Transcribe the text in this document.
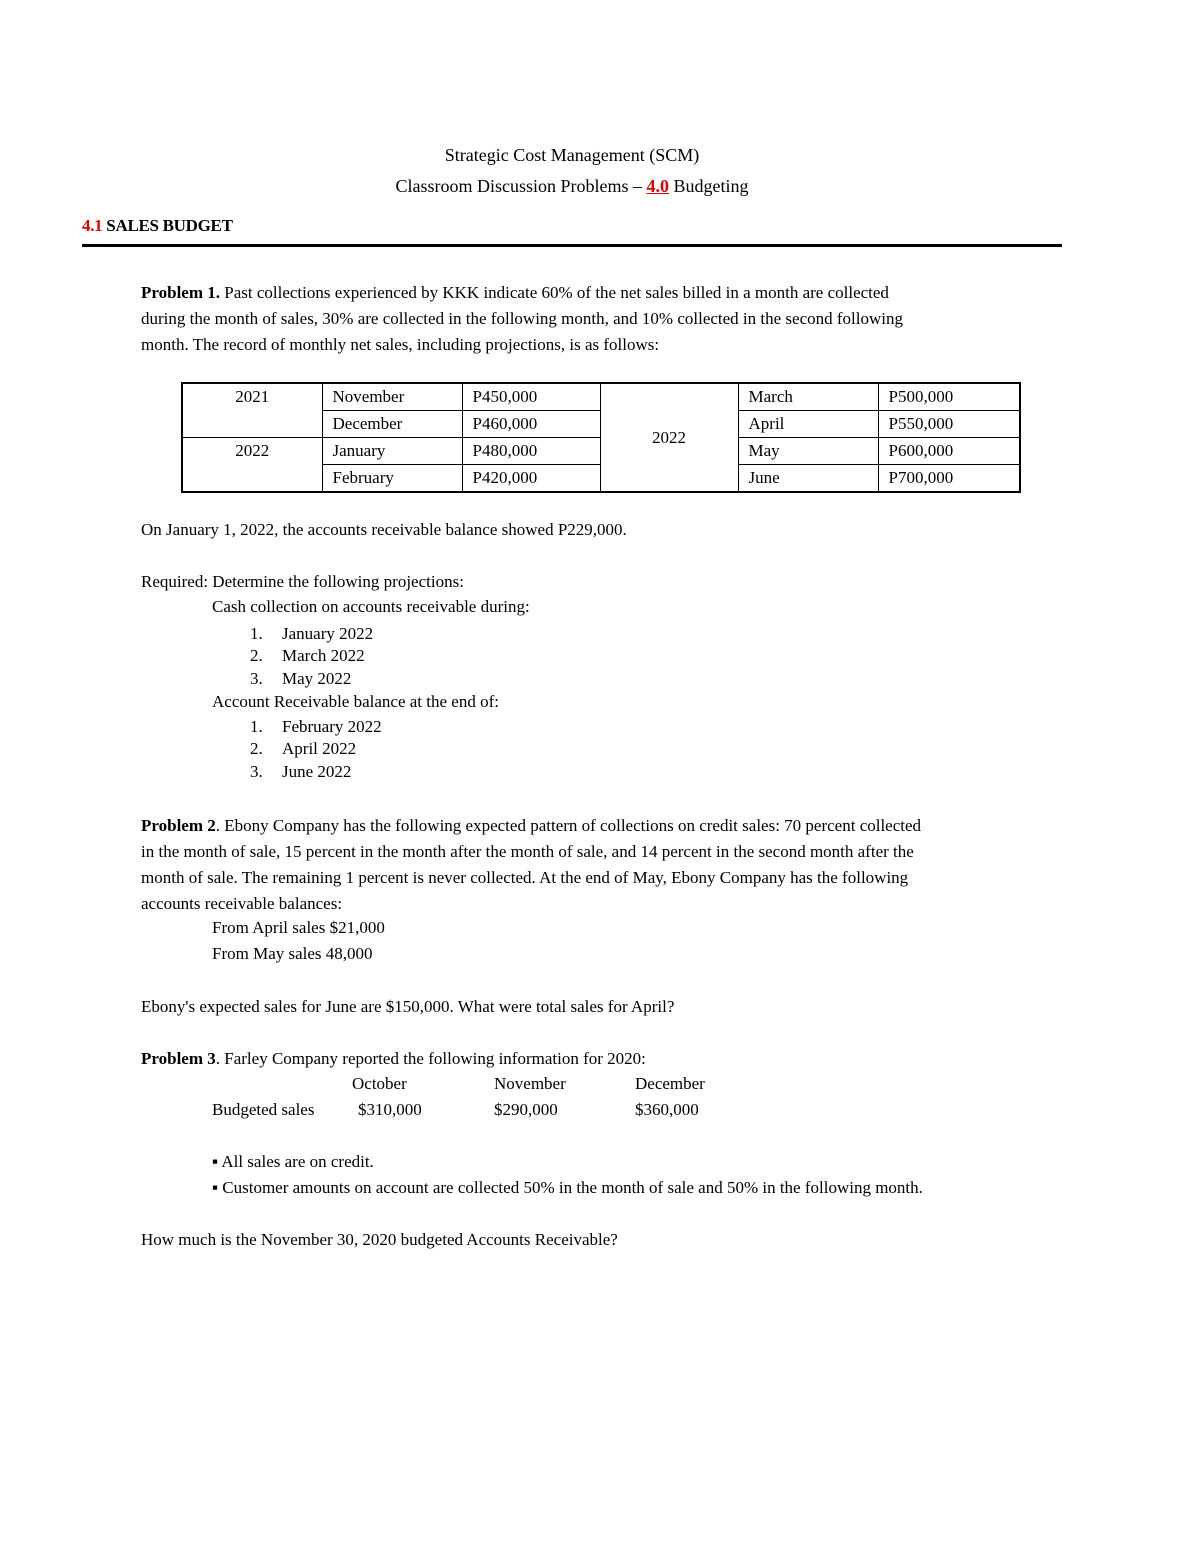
Strategic Cost Management (SCM)
Classroom Discussion Problems – 4.0 Budgeting
4.1 SALES BUDGET
Problem 1. Past collections experienced by KKK indicate 60% of the net sales billed in a month are collected
during the month of sales, 30% are collected in the following month, and 10% collected in the second following
month. The record of monthly net sales, including projections, is as follows:
2021	November	P450,000	2022	March	P500,000
	December	P460,000		April	P550,000
2022	January	P480,000		May	P600,000
	February	P420,000		June	P700,000
On January 1, 2022, the accounts receivable balance showed P229,000.
Required: Determine the following projections:
Cash collection on accounts receivable during:
1. January 2022
2. March 2022
3. May 2022
Account Receivable balance at the end of:
1. February 2022
2. April 2022
3. June 2022
Problem 2. Ebony Company has the following expected pattern of collections on credit sales: 70 percent collected
in the month of sale, 15 percent in the month after the month of sale, and 14 percent in the second month after the
month of sale. The remaining 1 percent is never collected. At the end of May, Ebony Company has the following
accounts receivable balances:
From April sales $21,000
From May sales 48,000
Ebony's expected sales for June are $150,000. What were total sales for April?
Problem 3. Farley Company reported the following information for 2020:
October	November	December
Budgeted sales	$310,000	$290,000	$360,000
▪ All sales are on credit.
▪ Customer amounts on account are collected 50% in the month of sale and 50% in the following month.
How much is the November 30, 2020 budgeted Accounts Receivable?
